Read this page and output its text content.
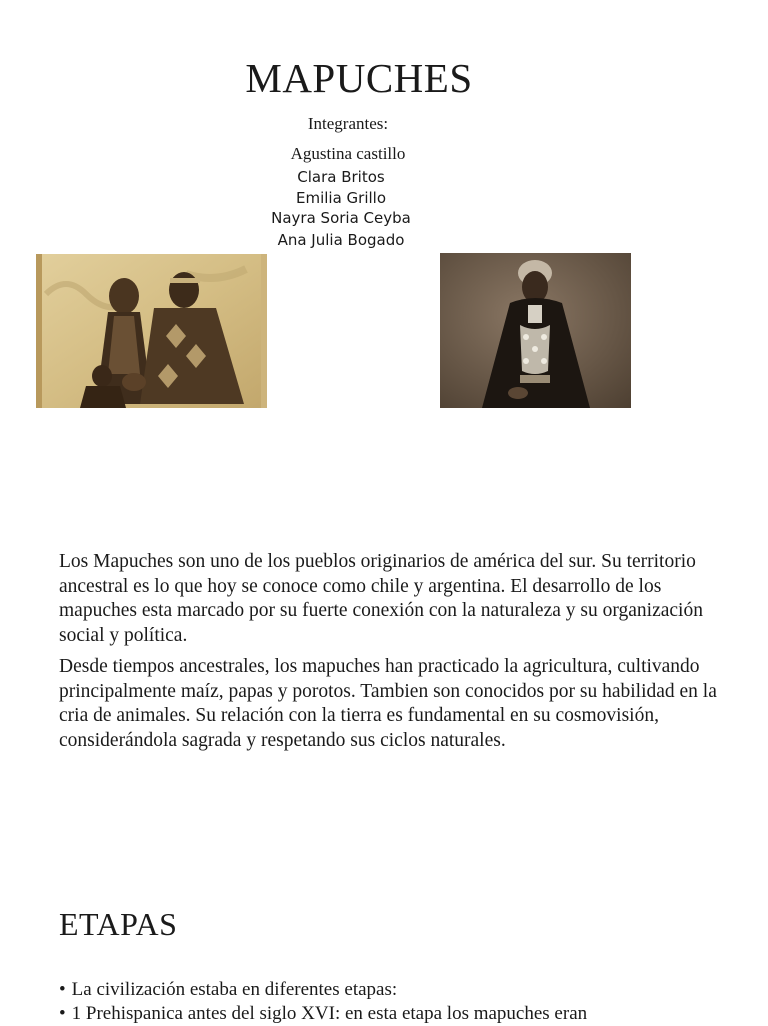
MAPUCHES
Integrantes:
Agustina castillo
Clara Britos
Emilia Grillo
Nayra Soria Ceyba
Ana Julia Bogado

Los Mapuches son uno de los pueblos originarios de américa del sur. Su territorio ancestral es lo que hoy se conoce como chile y argentina. El desarrollo de los mapuches esta marcado por su fuerte conexión con la naturaleza y su organización social y política.

Desde tiempos ancestrales, los mapuches han practicado la agricultura, cultivando principalmente maíz, papas y porotos. Tambien son conocidos por su habilidad en la cria de animales. Su relación con la tierra es fundamental en su cosmovisión, considerándola sagrada y respetando sus ciclos naturales.

ETAPAS
• La civilización estaba en diferentes etapas:
• 1 Prehispanica antes del siglo XVI: en esta etapa los mapuches eran
